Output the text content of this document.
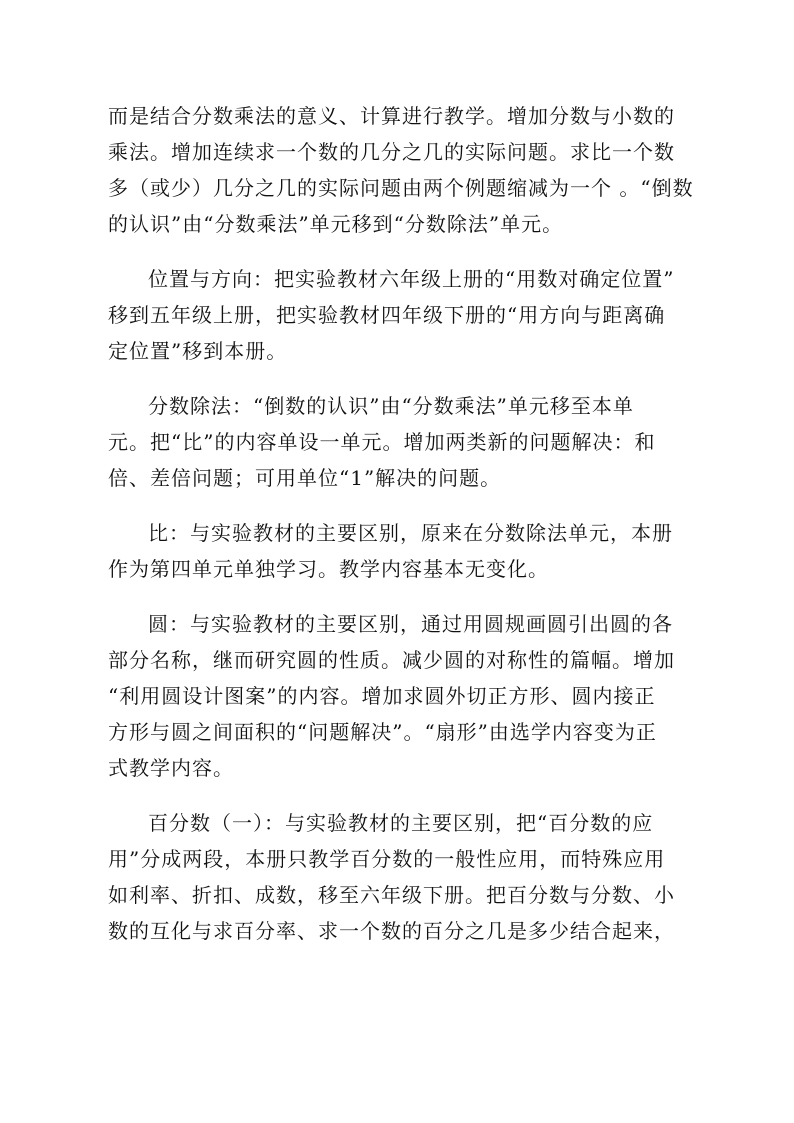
而是结合分数乘法的意义、计算进行教学。增加分数与小数的
乘法。增加连续求一个数的几分之几的实际问题。求比一个数
多（或少）几分之几的实际问题由两个例题缩减为一个 。“倒数
的认识”由“分数乘法”单元移到“分数除法”单元。
位置与方向：把实验教材六年级上册的“用数对确定位置”
移到五年级上册，把实验教材四年级下册的“用方向与距离确
定位置”移到本册。
分数除法：“倒数的认识”由“分数乘法”单元移至本单
元。把“比”的内容单设一单元。增加两类新的问题解决：和
倍、差倍问题；可用单位“1”解决的问题。
比：与实验教材的主要区别，原来在分数除法单元，本册
作为第四单元单独学习。教学内容基本无变化。
圆：与实验教材的主要区别，通过用圆规画圆引出圆的各
部分名称，继而研究圆的性质。减少圆的对称性的篇幅。增加
“利用圆设计图案”的内容。增加求圆外切正方形、圆内接正
方形与圆之间面积的“问题解决”。“扇形”由选学内容变为正
式教学内容。
百分数（一）：与实验教材的主要区别，把“百分数的应
用”分成两段，本册只教学百分数的一般性应用，而特殊应用
如利率、折扣、成数，移至六年级下册。把百分数与分数、小
数的互化与求百分率、求一个数的百分之几是多少结合起来，
